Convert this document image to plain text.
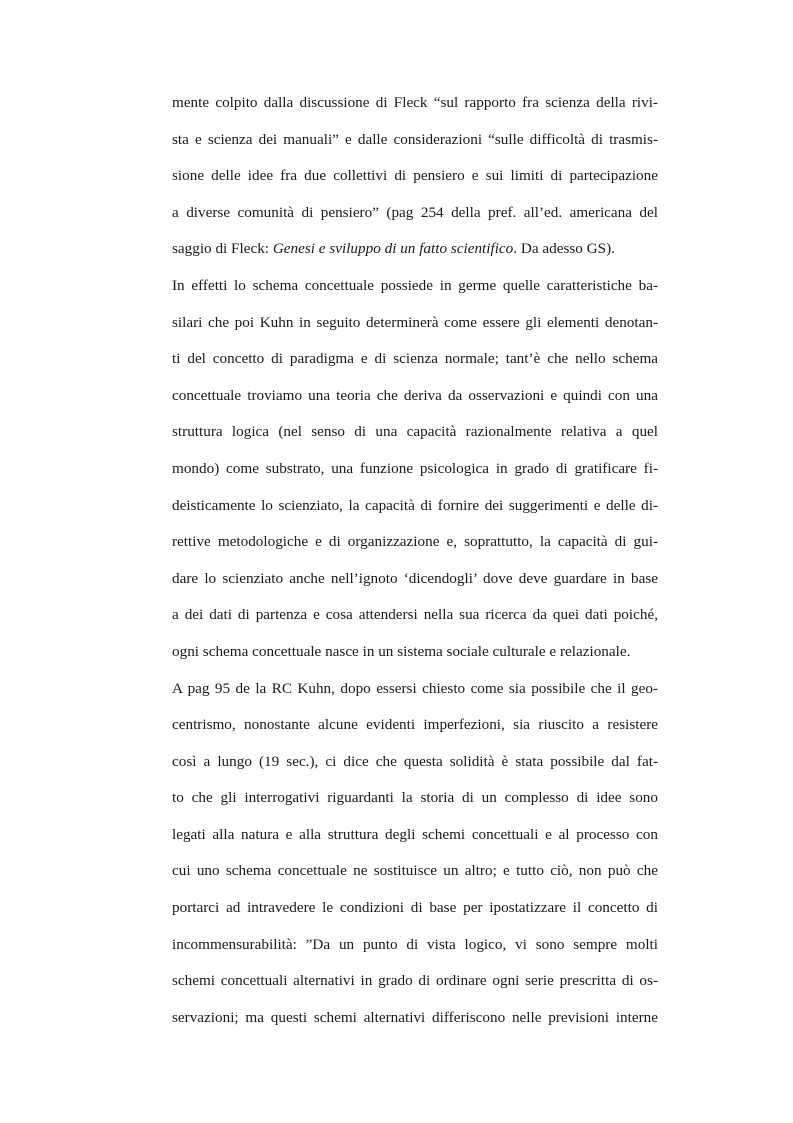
mente colpito dalla discussione di Fleck “sul rapporto fra scienza della rivi-
sta e scienza dei manuali” e dalle considerazioni “sulle difficoltà di trasmis-
sione delle idee fra due collettivi di pensiero e sui limiti di partecipazione
a diverse comunità di pensiero” (pag 254 della pref. all’ed. americana del
saggio di Fleck: Genesi e sviluppo di un fatto scientifico. Da adesso GS).
In effetti lo schema concettuale possiede in germe quelle caratteristiche ba-
silari che poi Kuhn in seguito determinerà come essere gli elementi denotan-
ti del concetto di paradigma e di scienza normale; tant’è che nello schema
concettuale troviamo una teoria che deriva da osservazioni e quindi con una
struttura logica (nel senso di una capacità razionalmente relativa a quel
mondo) come substrato, una funzione psicologica in grado di gratificare fi-
deisticamente lo scienziato, la capacità di fornire dei suggerimenti e delle di-
rettive metodologiche e di organizzazione e, soprattutto, la capacità di gui-
dare lo scienziato anche nell’ignoto ‘dicendogli’ dove deve guardare in base
a dei dati di partenza e cosa attendersi nella sua ricerca da quei dati poiché,
ogni schema concettuale nasce in un sistema sociale culturale e relazionale.
A pag 95 de la RC Kuhn, dopo essersi chiesto come sia possibile che il geo-
centrismo, nonostante alcune evidenti imperfezioni, sia riuscito a resistere
così a lungo (19 sec.), ci dice che questa solidità è stata possibile dal fat-
to che gli interrogativi riguardanti la storia di un complesso di idee sono
legati alla natura e alla struttura degli schemi concettuali e al processo con
cui uno schema concettuale ne sostituisce un altro; e tutto ciò, non può che
portarci ad intravedere le condizioni di base per ipostatizzare il concetto di
incommensurabilità: ”Da un punto di vista logico, vi sono sempre molti
schemi concettuali alternativi in grado di ordinare ogni serie prescritta di os-
servazioni; ma questi schemi alternativi differiscono nelle previsioni interne
